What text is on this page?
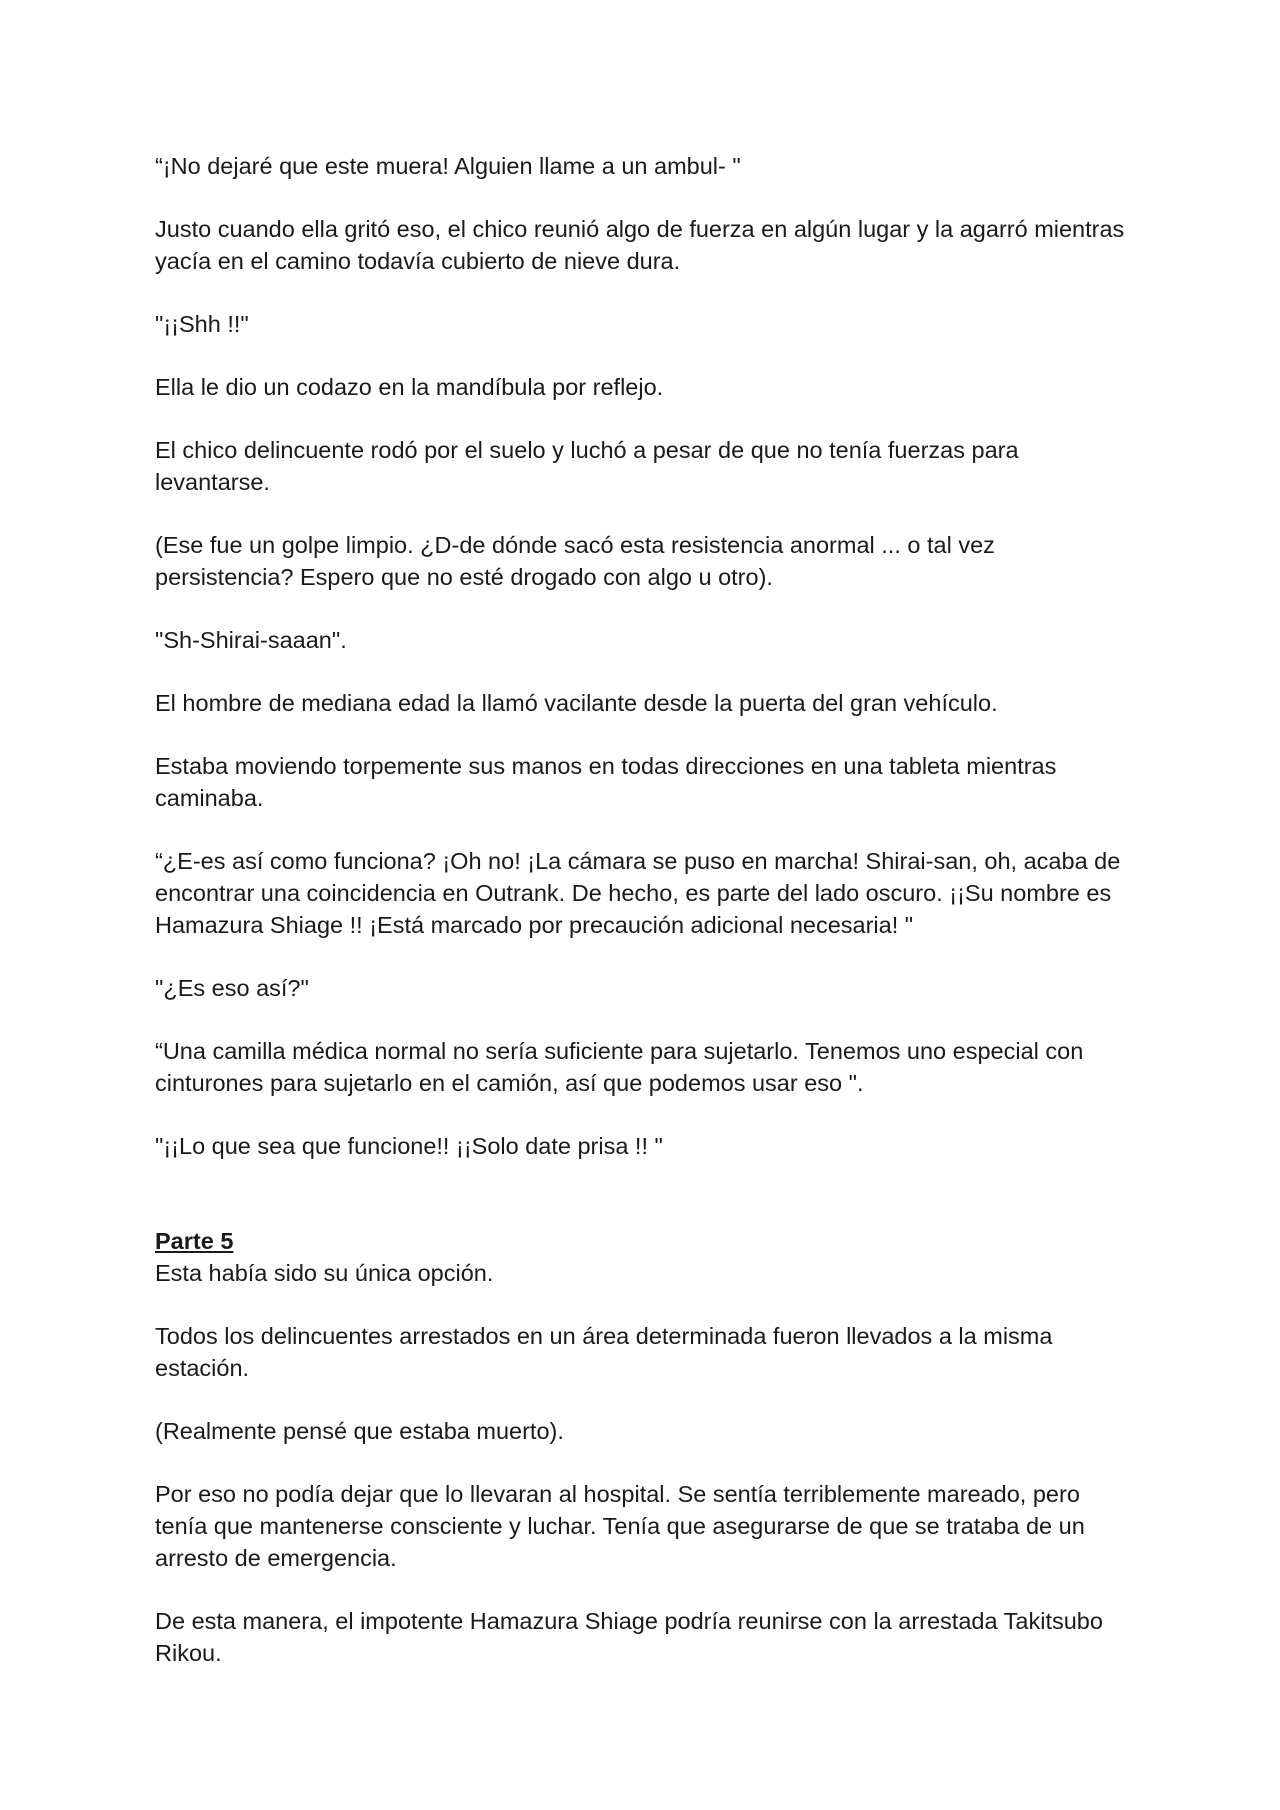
“¡No dejaré que este muera! Alguien llame a un ambul- "

Justo cuando ella gritó eso, el chico reunió algo de fuerza en algún lugar y la agarró mientras yacía en el camino todavía cubierto de nieve dura.

"¡¡Shh !!"

Ella le dio un codazo en la mandíbula por reflejo.

El chico delincuente rodó por el suelo y luchó a pesar de que no tenía fuerzas para levantarse.

(Ese fue un golpe limpio. ¿D-de dónde sacó esta resistencia anormal ... o tal vez persistencia? Espero que no esté drogado con algo u otro).

"Sh-Shirai-saaan".

El hombre de mediana edad la llamó vacilante desde la puerta del gran vehículo.

Estaba moviendo torpemente sus manos en todas direcciones en una tableta mientras caminaba.

“¿E-es así como funciona? ¡Oh no! ¡La cámara se puso en marcha! Shirai-san, oh, acaba de encontrar una coincidencia en Outrank. De hecho, es parte del lado oscuro. ¡¡Su nombre es Hamazura Shiage !! ¡Está marcado por precaución adicional necesaria! "

"¿Es eso así?"

“Una camilla médica normal no sería suficiente para sujetarlo. Tenemos uno especial con cinturones para sujetarlo en el camión, así que podemos usar eso ".

"¡¡Lo que sea que funcione!! ¡¡Solo date prisa !! "

Parte 5

Esta había sido su única opción.

Todos los delincuentes arrestados en un área determinada fueron llevados a la misma estación.

(Realmente pensé que estaba muerto).

Por eso no podía dejar que lo llevaran al hospital. Se sentía terriblemente mareado, pero tenía que mantenerse consciente y luchar. Tenía que asegurarse de que se trataba de un arresto de emergencia.

De esta manera, el impotente Hamazura Shiage podría reunirse con la arrestada Takitsubo Rikou.
